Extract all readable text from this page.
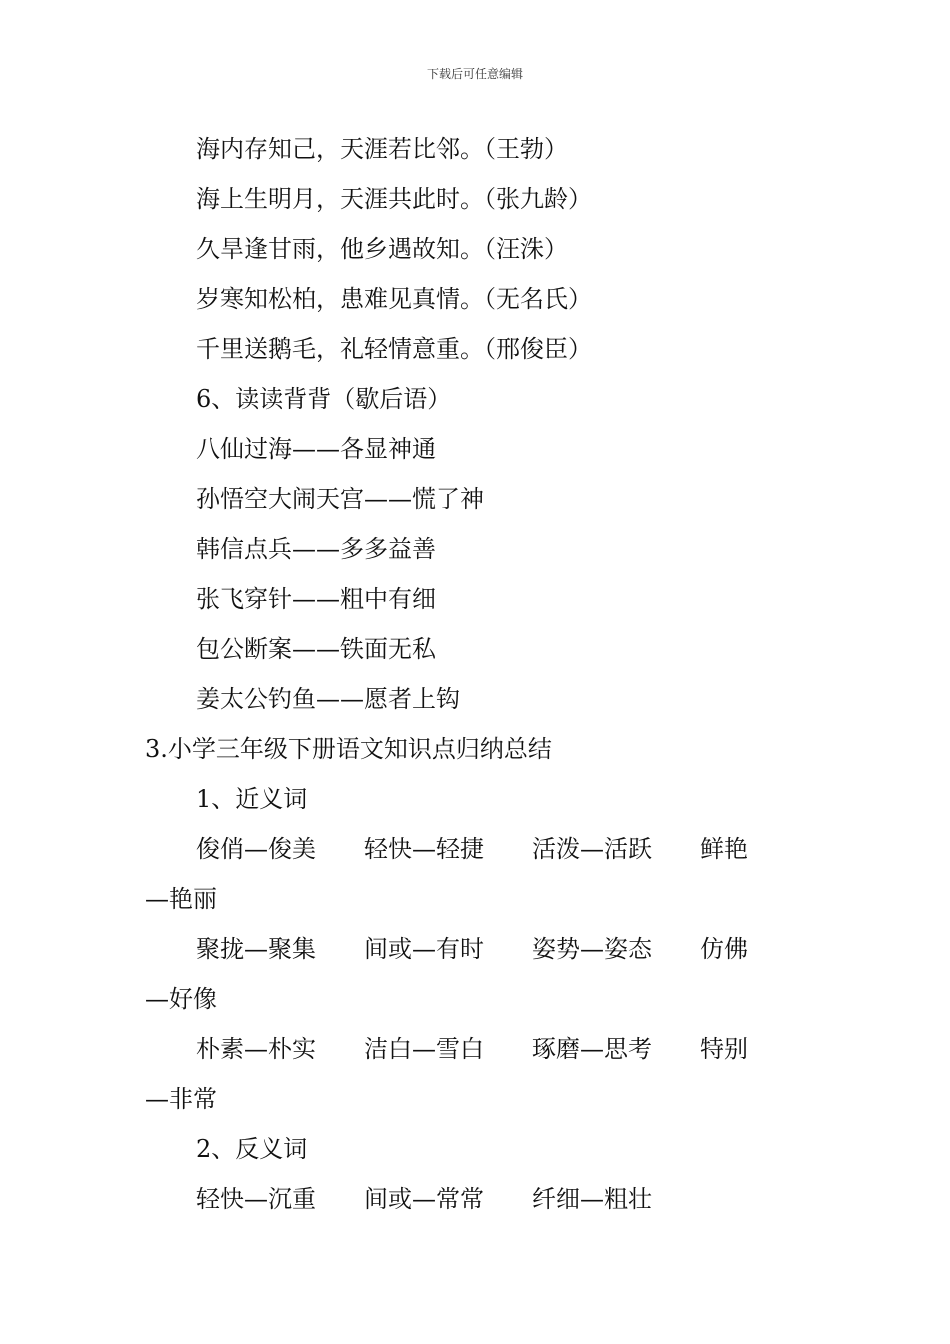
下载后可任意编辑
海内存知己，天涯若比邻。（王勃）
海上生明月，天涯共此时。（张九龄）
久旱逢甘雨，他乡遇故知。（汪洙）
岁寒知松柏，患难见真情。（无名氏）
千里送鹅毛，礼轻情意重。（邢俊臣）
6、读读背背（歇后语）
八仙过海——各显神通
孙悟空大闹天宫——慌了神
韩信点兵——多多益善
张飞穿针——粗中有细
包公断案——铁面无私
姜太公钓鱼——愿者上钩
3.小学三年级下册语文知识点归纳总结
1、近义词
俊俏—俊美　　轻快—轻捷　　活泼—活跃　　鲜艳
—艳丽
聚拢—聚集　　间或—有时　　姿势—姿态　　仿佛
—好像
朴素—朴实　　洁白—雪白　　琢磨—思考　　特别
—非常
2、反义词
轻快—沉重　　间或—常常　　纤细—粗壮
